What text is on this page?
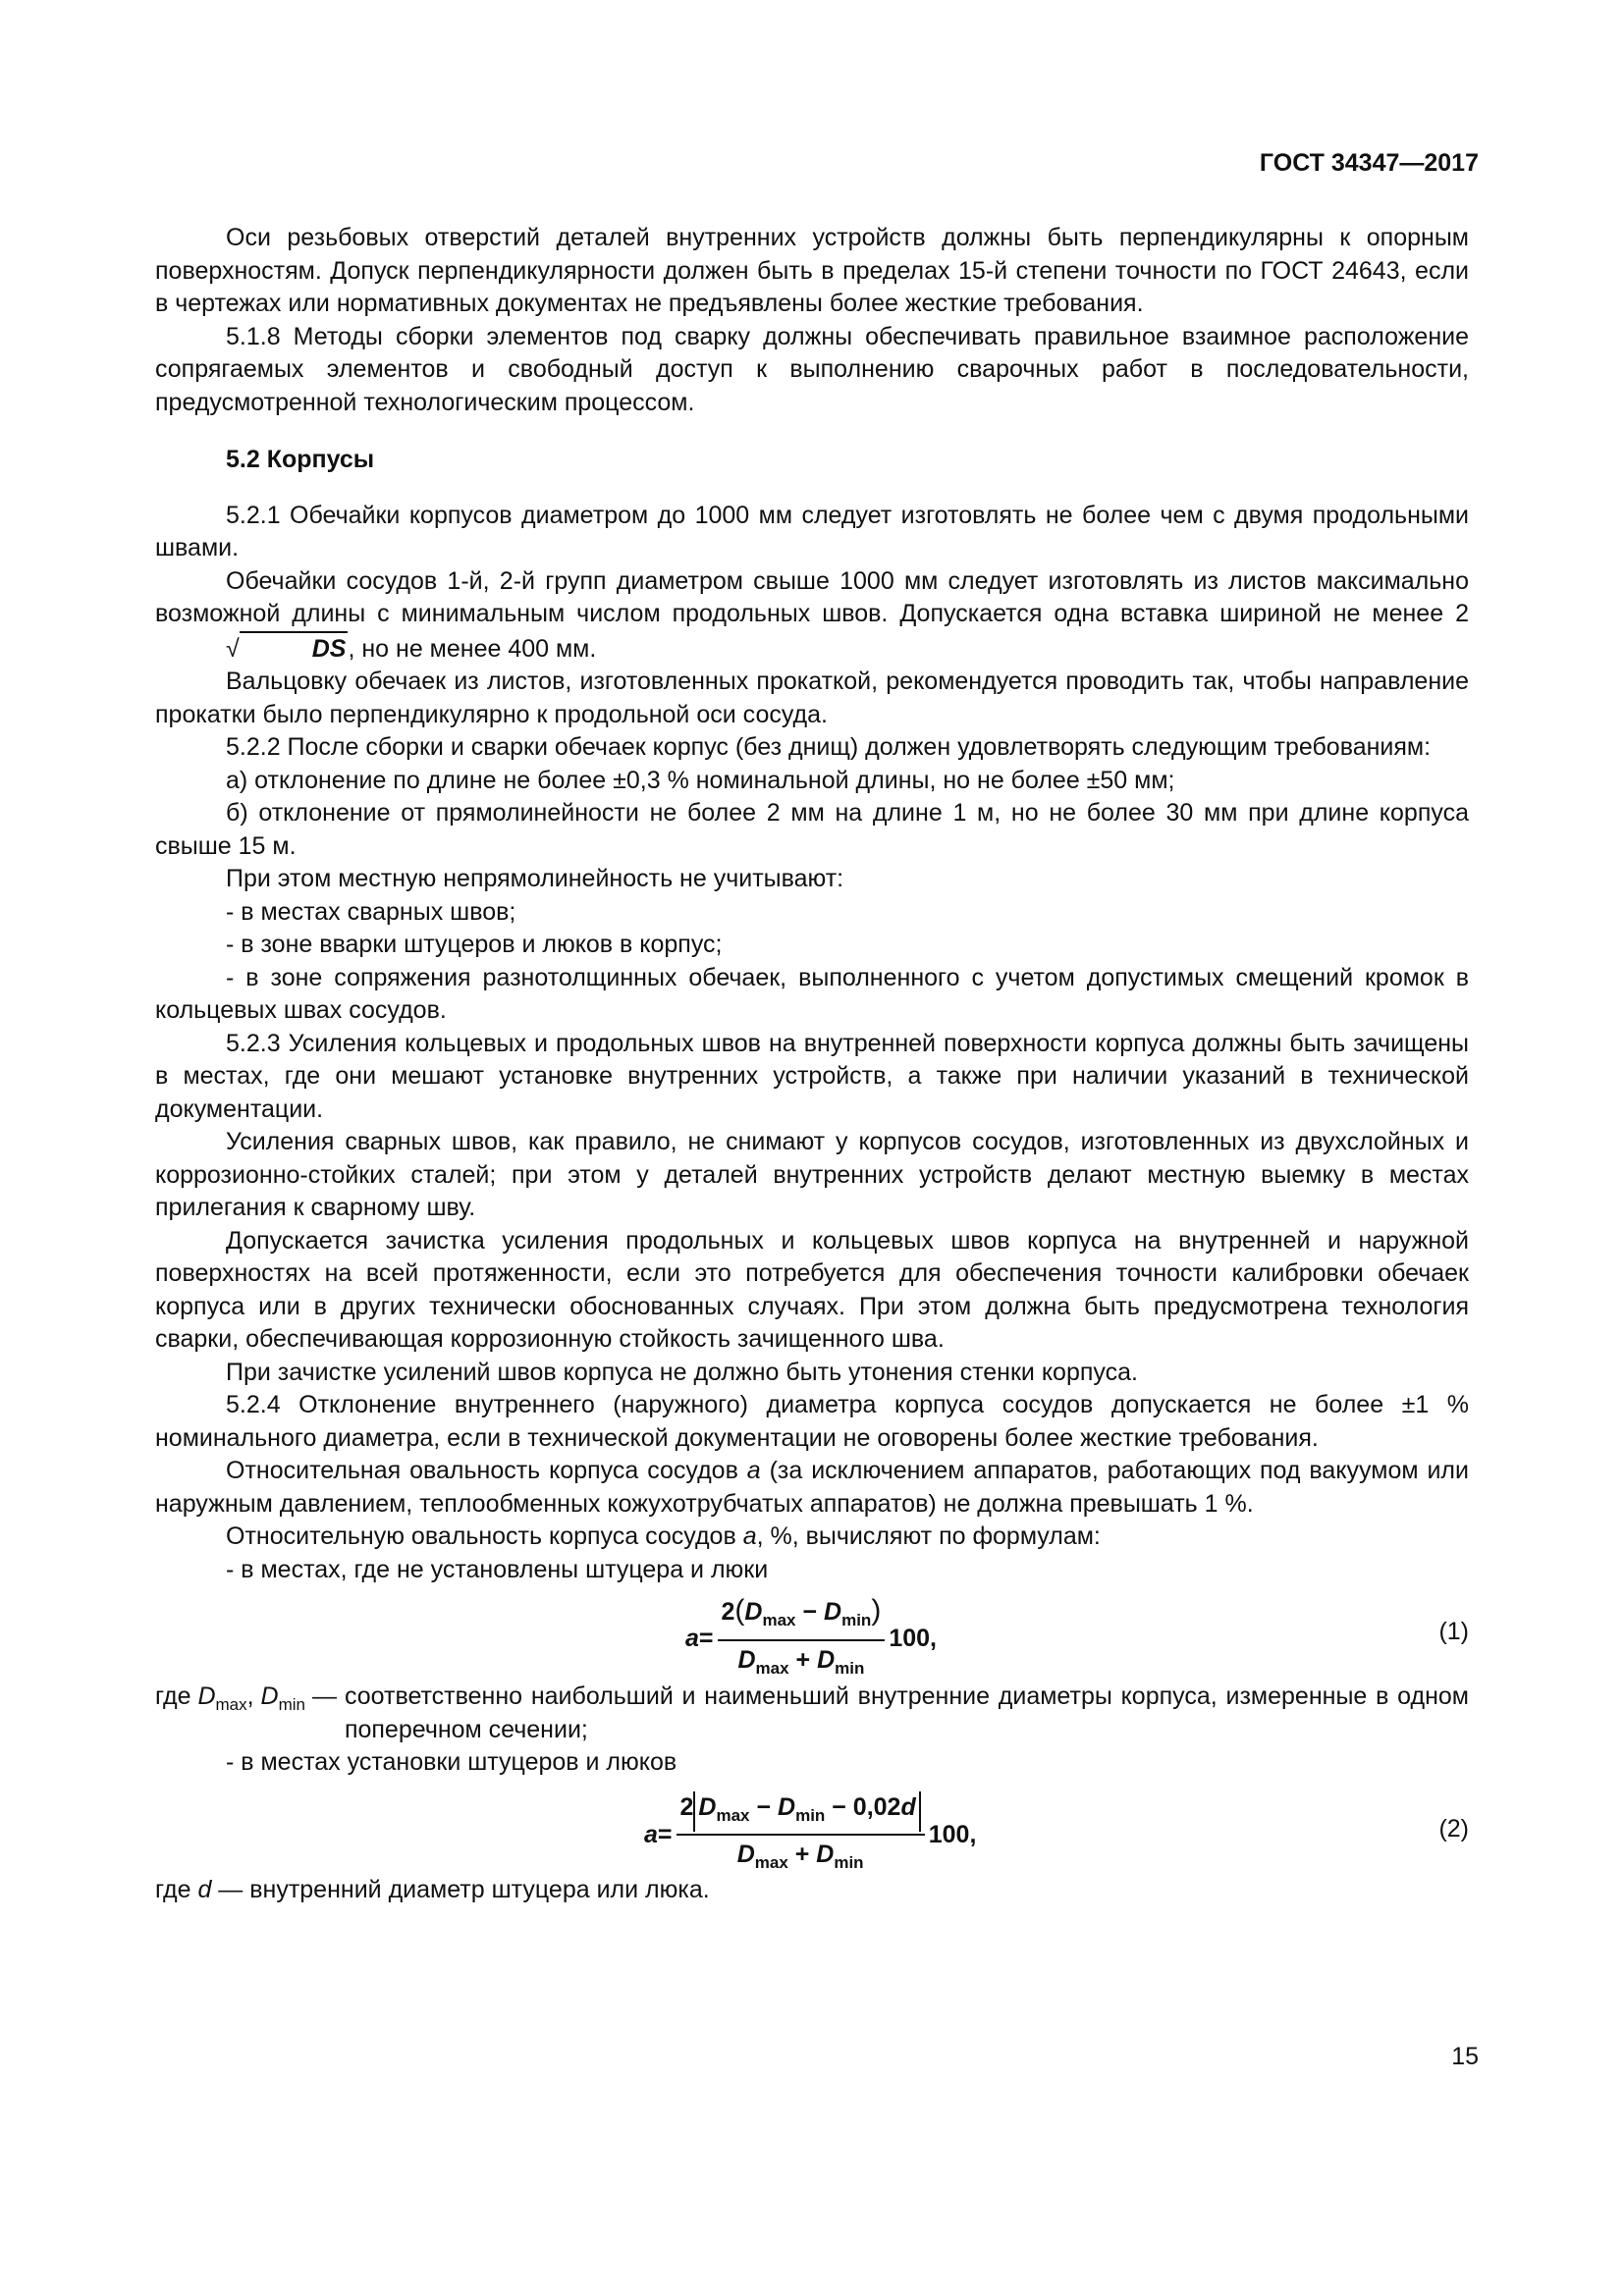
ГОСТ 34347—2017

Оси резьбовых отверстий деталей внутренних устройств должны быть перпендикулярны к опорным поверхностям. Допуск перпендикулярности должен быть в пределах 15-й степени точности по ГОСТ 24643, если в чертежах или нормативных документах не предъявлены более жесткие требования.

5.1.8 Методы сборки элементов под сварку должны обеспечивать правильное взаимное расположение сопрягаемых элементов и свободный доступ к выполнению сварочных работ в последовательности, предусмотренной технологическим процессом.

5.2 Корпусы

5.2.1 Обечайки корпусов диаметром до 1000 мм следует изготовлять не более чем с двумя продольными швами.

Обечайки сосудов 1-й, 2-й групп диаметром свыше 1000 мм следует изготовлять из листов максимально возможной длины с минимальным числом продольных швов. Допускается одна вставка шириной не менее 2√	DS, но не менее 400 мм.

Вальцовку обечаек из листов, изготовленных прокаткой, рекомендуется проводить так, чтобы направление прокатки было перпендикулярно к продольной оси сосуда.

5.2.2 После сборки и сварки обечаек корпус (без днищ) должен удовлетворять следующим требованиям:

а) отклонение по длине не более ±0,3 % номинальной длины, но не более ±50 мм;

б) отклонение от прямолинейности не более 2 мм на длине 1 м, но не более 30 мм при длине корпуса свыше 15 м.

При этом местную непрямолинейность не учитывают:

- в местах сварных швов;

- в зоне вварки штуцеров и люков в корпус;

- в зоне сопряжения разнотолщинных обечаек, выполненного с учетом допустимых смещений кромок в кольцевых швах сосудов.

5.2.3 Усиления кольцевых и продольных швов на внутренней поверхности корпуса должны быть зачищены в местах, где они мешают установке внутренних устройств, а также при наличии указаний в технической документации.

Усиления сварных швов, как правило, не снимают у корпусов сосудов, изготовленных из двухслойных и коррозионно-стойких сталей; при этом у деталей внутренних устройств делают местную выемку в местах прилегания к сварному шву.

Допускается зачистка усиления продольных и кольцевых швов корпуса на внутренней и наружной поверхностях на всей протяженности, если это потребуется для обеспечения точности калибровки обечаек корпуса или в других технически обоснованных случаях. При этом должна быть предусмотрена технология сварки, обеспечивающая коррозионную стойкость зачищенного шва.

При зачистке усилений швов корпуса не должно быть утонения стенки корпуса.

5.2.4 Отклонение внутреннего (наружного) диаметра корпуса сосудов допускается не более ±1 % номинального диаметра, если в технической документации не оговорены более жесткие требования.

Относительная овальность корпуса сосудов a (за исключением аппаратов, работающих под вакуумом или наружным давлением, теплообменных кожухотрубчатых аппаратов) не должна превышать 1 %.

Относительную овальность корпуса сосудов a, %, вычисляют по формулам:

- в местах, где не установлены штуцера и люки

$a = \frac{2(D_{max} - D_{min})}{D_{max} + D_{min}} 100$,	(1)
где $D_{max}$, $D_{min}$ — соответственно наибольший и наименьший внутренние диаметры корпуса, измеренные в одном поперечном сечении;

- в местах установки штуцеров и люков

$a = \frac{2 D_{max} - D_{min} - 0,02d}{D_{max} + D_{min}} 100$,	(2)

где d — внутренний диаметр штуцера или люка.

15
